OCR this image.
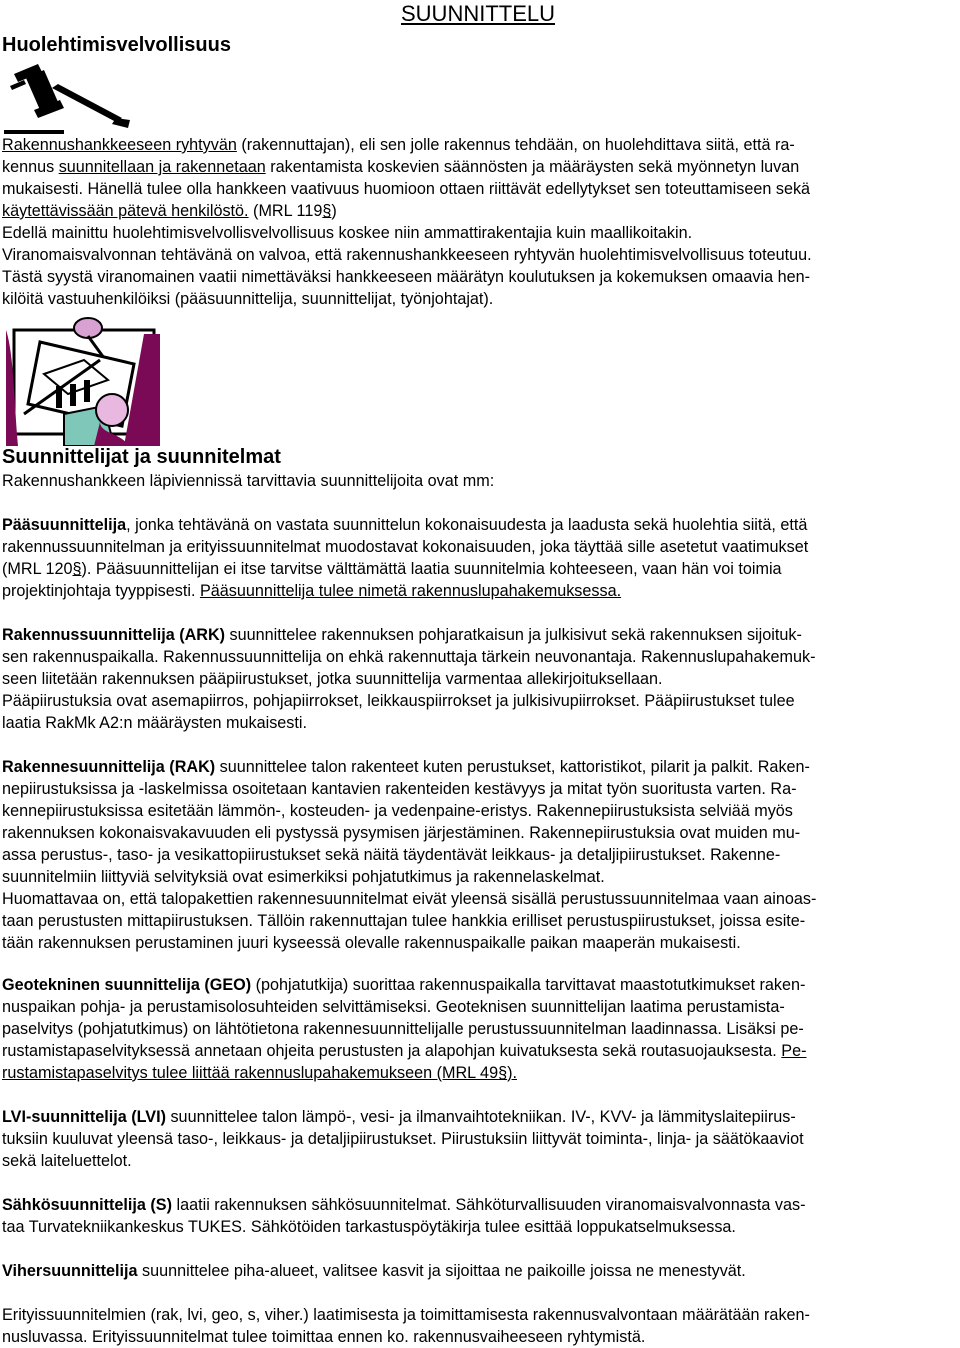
SUUNNITTELU
Huolehtimisvelvollisuus

Rakennushankkeeseen ryhtyvän (rakennuttajan), eli sen jolle rakennus tehdään, on huolehdittava siitä, että ra-
kennus suunnitellaan ja rakennetaan rakentamista koskevien säännösten ja määräysten sekä myönnetyn luvan
mukaisesti. Hänellä tulee olla hankkeen vaativuus huomioon ottaen riittävät edellytykset sen toteuttamiseen sekä
käytettävissään pätevä henkilöstö. (MRL 119§)
Edellä mainittu huolehtimisvelvollisvelvollisuus koskee niin ammattirakentajia kuin maallikoitakin.
Viranomaisvalvonnan tehtävänä on valvoa, että rakennushankkeeseen ryhtyvän huolehtimisvelvollisuus toteutuu.
Tästä syystä viranomainen vaatii nimettäväksi hankkeeseen määrätyn koulutuksen ja kokemuksen omaavia hen-
kilöitä vastuuhenkilöiksi (pääsuunnittelija, suunnittelijat, työnjohtajat).

Suunnittelijat ja suunnitelmat

Rakennushankkeen läpiviennissä tarvittavia suunnittelijoita ovat mm:

Pääsuunnittelija, jonka tehtävänä on vastata suunnittelun kokonaisuudesta ja laadusta sekä huolehtia siitä, että
rakennussuunnitelman ja erityissuunnitelmat muodostavat kokonaisuuden, joka täyttää sille asetetut vaatimukset
(MRL 120§). Pääsuunnittelijan ei itse tarvitse välttämättä laatia suunnitelmia kohteeseen, vaan hän voi toimia
projektinjohtaja tyyppisesti. Pääsuunnittelija tulee nimetä rakennuslupahakemuksessa.

Rakennussuunnittelija (ARK) suunnittelee rakennuksen pohjaratkaisun ja julkisivut sekä rakennuksen sijoituk-
sen rakennuspaikalla. Rakennussuunnittelija on ehkä rakennuttaja tärkein neuvonantaja. Rakennuslupahakemuk-
seen liitetään rakennuksen pääpiirustukset, jotka suunnittelija varmentaa allekirjoituksellaan.
Pääpiirustuksia ovat asemapiirros, pohjapiirrokset, leikkauspiirrokset ja julkisivupiirrokset. Pääpiirustukset tulee
laatia RakMk A2:n määräysten mukaisesti.

Rakennesuunnittelija (RAK) suunnittelee talon rakenteet kuten perustukset, kattoristikot, pilarit ja palkit. Raken-
nepiirustuksissa ja -laskelmissa osoitetaan kantavien rakenteiden kestävyys ja mitat työn suoritusta varten. Ra-
kennepiirustuksissa esitetään lämmön-, kosteuden- ja vedenpaine-eristys. Rakennepiirustuksista selviää myös
rakennuksen kokonaisvakavuuden eli pystyssä pysymisen järjestäminen. Rakennepiirustuksia ovat muiden mu-
assa perustus-, taso- ja vesikattopiirustukset sekä näitä täydentävät leikkaus- ja detaljipiirustukset. Rakenne-
suunnitelmiin liittyviä selvityksiä ovat esimerkiksi pohjatutkimus ja rakennelaskelmat.
Huomattavaa on, että talopakettien rakennesuunnitelmat eivät yleensä sisällä perustussuunnitelmaa vaan ainoas-
taan perustusten mittapiirustuksen. Tällöin rakennuttajan tulee hankkia erilliset perustuspiirustukset, joissa esite-
tään rakennuksen perustaminen juuri kyseessä olevalle rakennuspaikalle paikan maaperän mukaisesti.

Geotekninen suunnittelija (GEO) (pohjatutkija) suorittaa rakennuspaikalla tarvittavat maastotutkimukset raken-
nuspaikan pohja- ja perustamisolosuhteiden selvittämiseksi. Geoteknisen suunnittelijan laatima perustamista-
paselvitys (pohjatutkimus) on lähtötietona rakennesuunnittelijalle perustussuunnitelman laadinnassa. Lisäksi pe-
rustamistapaselvityksessä annetaan ohjeita perustusten ja alapohjan kuivatuksesta sekä routasuojauksesta. Pe-
rustamistapaselvitys tulee liittää rakennuslupahakemukseen (MRL 49§).

LVI-suunnittelija (LVI) suunnittelee talon lämpö-, vesi- ja ilmanvaihtotekniikan. IV-, KVV- ja lämmityslaitepiirus-
tuksiin kuuluvat yleensä taso-, leikkaus- ja detaljipiirustukset. Piirustuksiin liittyvät toiminta-, linja- ja säätökaaviot
sekä laiteluettelot.

Sähkösuunnittelija (S) laatii rakennuksen sähkösuunnitelmat. Sähköturvallisuuden viranomaisvalvonnasta vas-
taa Turvatekniikankeskus TUKES. Sähkötöiden tarkastuspöytäkirja tulee esittää loppukatselmuksessa.

Vihersuunnittelija suunnittelee piha-alueet, valitsee kasvit ja sijoittaa ne paikoille joissa ne menestyvät.

Erityissuunnitelmien (rak, lvi, geo, s, viher.) laatimisesta ja toimittamisesta rakennusvalvontaan määrätään raken-
nusluvassa. Erityissuunnitelmat tulee toimittaa ennen ko. rakennusvaiheeseen ryhtymistä.
